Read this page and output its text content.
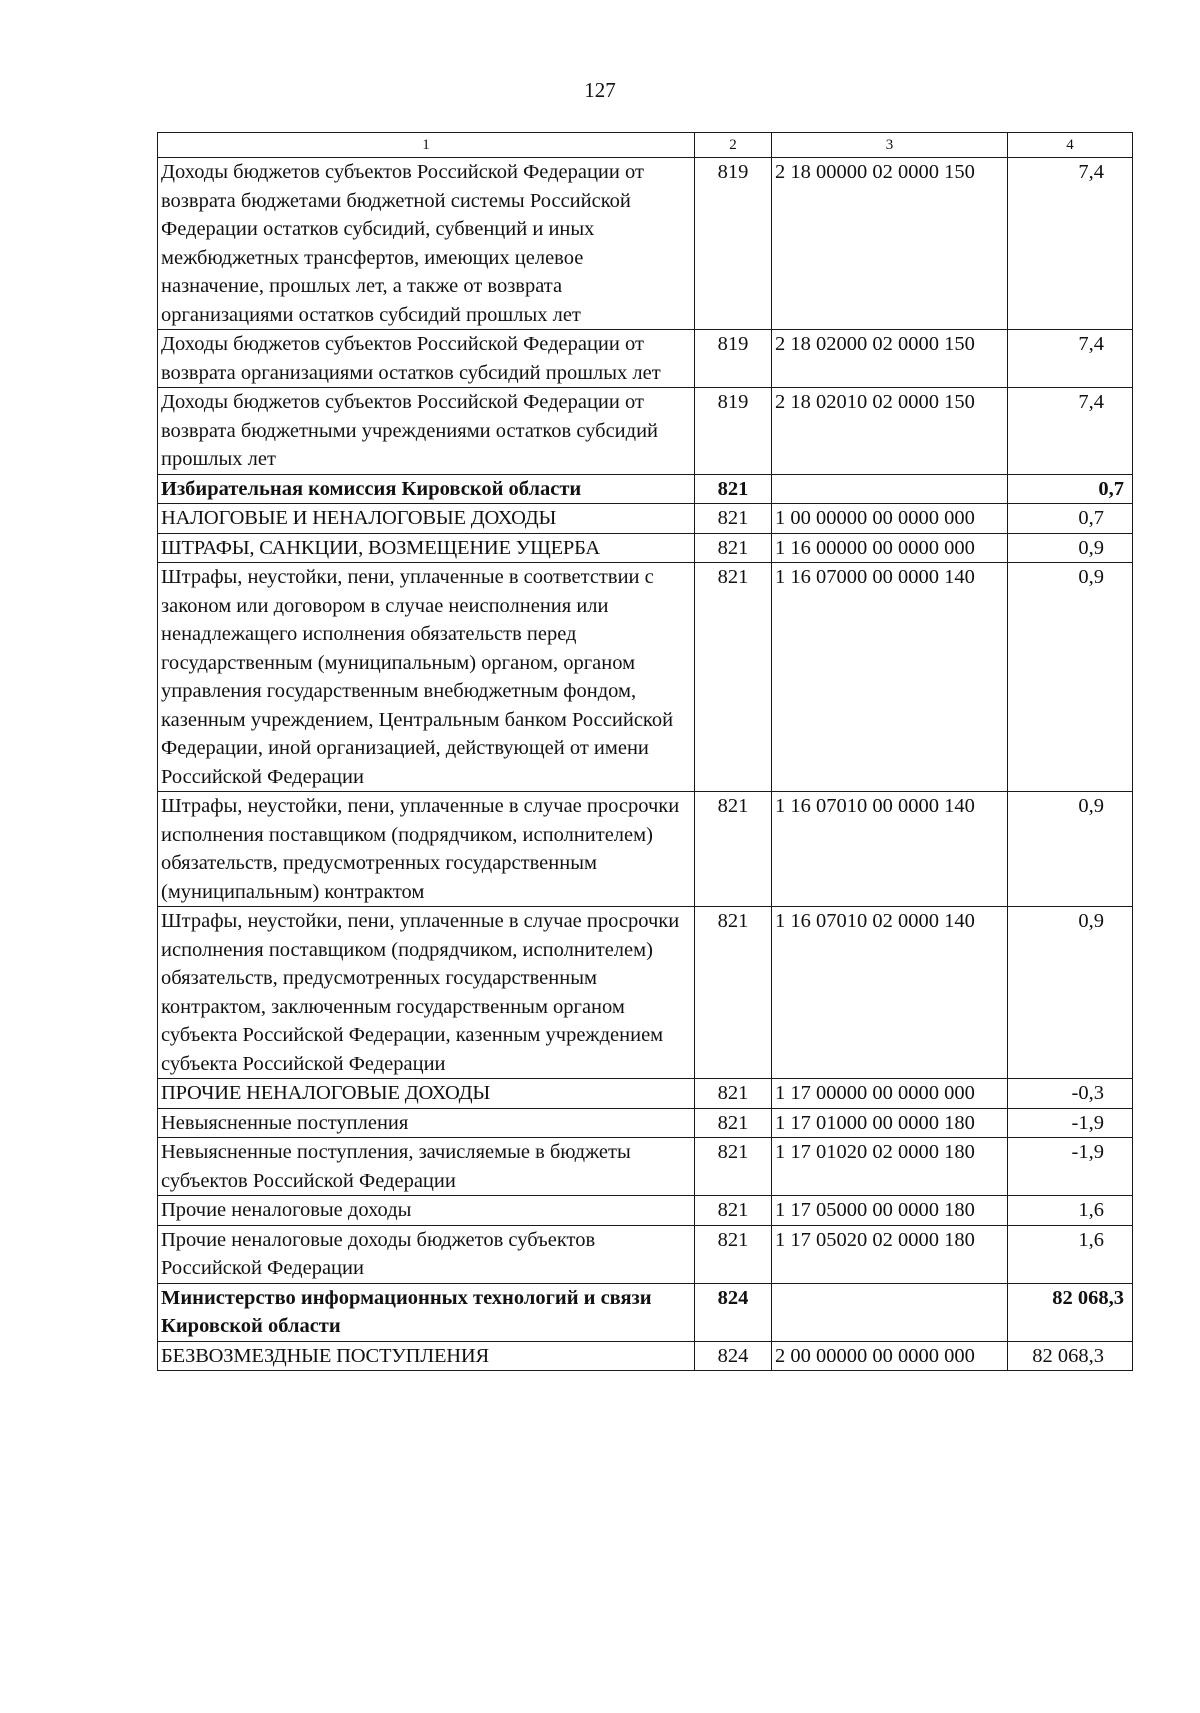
127
1	2	3	4
Доходы бюджетов субъектов Российской Федерации от возврата бюджетами бюджетной системы Российской Федерации остатков субсидий, субвенций и иных межбюджетных трансфертов, имеющих целевое назначение, прошлых лет, а также от возврата организациями остатков субсидий прошлых лет	819	2 18 00000 02 0000 150	7,4
Доходы бюджетов субъектов Российской Федерации от возврата организациями остатков субсидий прошлых лет	819	2 18 02000 02 0000 150	7,4
Доходы бюджетов субъектов Российской Федерации от возврата бюджетными учреждениями остатков субсидий прошлых лет	819	2 18 02010 02 0000 150	7,4
Избирательная комиссия Кировской области	821		0,7
НАЛОГОВЫЕ И НЕНАЛОГОВЫЕ ДОХОДЫ	821	1 00 00000 00 0000 000	0,7
ШТРАФЫ, САНКЦИИ, ВОЗМЕЩЕНИЕ УЩЕРБА	821	1 16 00000 00 0000 000	0,9
Штрафы, неустойки, пени, уплаченные в соответствии с законом или договором в случае неисполнения или ненадлежащего исполнения обязательств перед государственным (муниципальным) органом, органом управления государственным внебюджетным фондом, казенным учреждением, Центральным банком Российской Федерации, иной организацией, действующей от имени Российской Федерации	821	1 16 07000 00 0000 140	0,9
Штрафы, неустойки, пени, уплаченные в случае просрочки исполнения поставщиком (подрядчиком, исполнителем) обязательств, предусмотренных государственным (муниципальным) контрактом	821	1 16 07010 00 0000 140	0,9
Штрафы, неустойки, пени, уплаченные в случае просрочки исполнения поставщиком (подрядчиком, исполнителем) обязательств, предусмотренных государственным контрактом, заключенным государственным органом субъекта Российской Федерации, казенным учреждением субъекта Российской Федерации	821	1 16 07010 02 0000 140	0,9
ПРОЧИЕ НЕНАЛОГОВЫЕ ДОХОДЫ	821	1 17 00000 00 0000 000	-0,3
Невыясненные поступления	821	1 17 01000 00 0000 180	-1,9
Невыясненные поступления, зачисляемые в бюджеты субъектов Российской Федерации	821	1 17 01020 02 0000 180	-1,9
Прочие неналоговые доходы	821	1 17 05000 00 0000 180	1,6
Прочие неналоговые доходы бюджетов субъектов Российской Федерации	821	1 17 05020 02 0000 180	1,6
Министерство информационных технологий и связи Кировской области	824		82 068,3
БЕЗВОЗМЕЗДНЫЕ ПОСТУПЛЕНИЯ	824	2 00 00000 00 0000 000	82 068,3
